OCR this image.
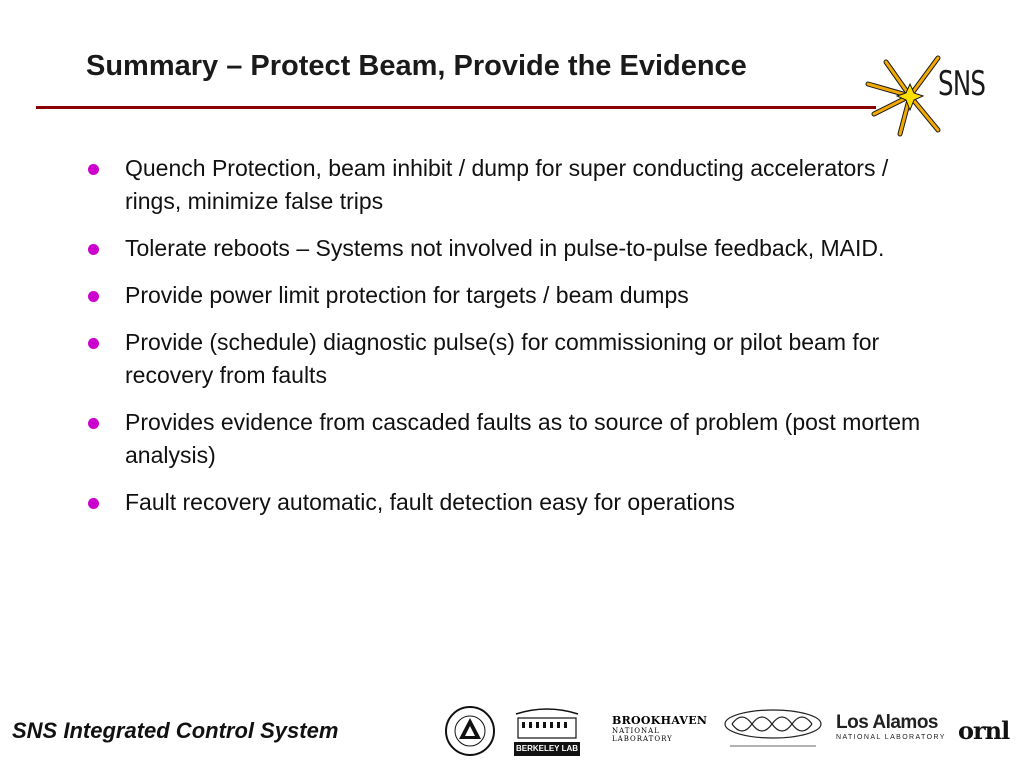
Summary – Protect Beam, Provide the Evidence	SNS
Quench Protection, beam inhibit / dump for super conducting accelerators / rings, minimize false trips
Tolerate reboots – Systems not involved in pulse-to-pulse feedback, MAID.
Provide power limit protection for targets / beam dumps
Provide (schedule) diagnostic pulse(s) for commissioning or pilot beam for recovery from faults
Provides evidence from cascaded faults as to source of problem (post mortem analysis)
Fault recovery automatic, fault detection easy for operations
SNS Integrated Control System
BERKELEY LAB
BROOKHAVEN
NATIONAL LABORATORY
Los Alamos
NATIONAL LABORATORY ornl
